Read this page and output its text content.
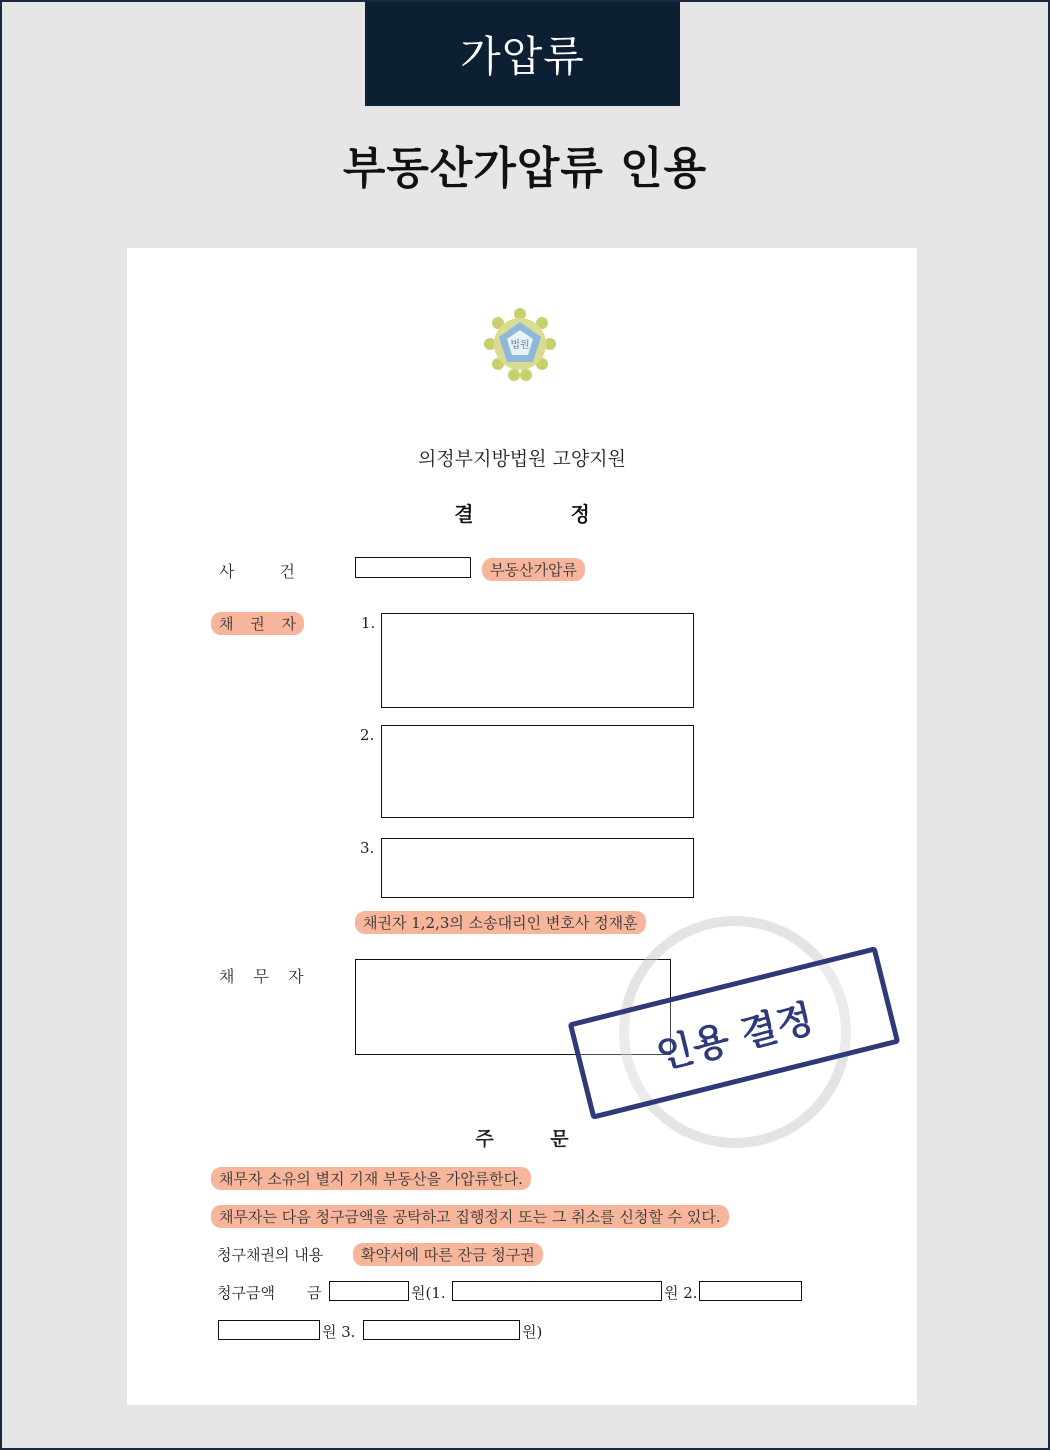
가압류
부동산가압류 인용
법원
의정부지방법원 고양지원
결 정
사 건	부동산가압류
채 권 자	1.
2.
3.
채권자 1,2,3의 소송대리인 변호사 정재훈
채 무 자
인용 결정
주 문
채무자 소유의 별지 기재 부동산을 가압류한다.
채무자는 다음 청구금액을 공탁하고 집행정지 또는 그 취소를 신청할 수 있다.
청구채권의 내용	확약서에 따른 잔금 청구권
청구금액 금	원(1.	원 2.
원 3.	원)
